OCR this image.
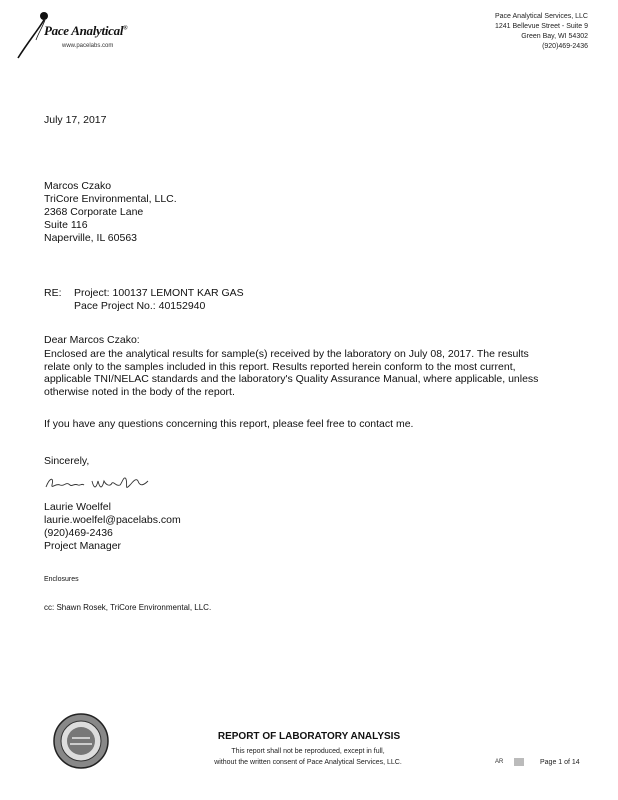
Pace Analytical®
www.pacelabs.com
Pace Analytical Services, LLC
1241 Bellevue Street - Suite 9
Green Bay, WI 54302
(920)469-2436
July 17, 2017
Marcos Czako
TriCore Environmental, LLC.
2368 Corporate Lane
Suite 116
Naperville, IL 60563
RE: Project: 100137 LEMONT KAR GAS
Pace Project No.: 40152940
Dear Marcos Czako:
Enclosed are the analytical results for sample(s) received by the laboratory on July 08, 2017. The results relate only to the samples included in this report. Results reported herein conform to the most current, applicable TNI/NELAC standards and the laboratory's Quality Assurance Manual, where applicable, unless otherwise noted in the body of the report.
If you have any questions concerning this report, please feel free to contact me.
Sincerely,
Laurie Woelfel
laurie.woelfel@pacelabs.com
(920)469-2436
Project Manager
Enclosures
cc: Shawn Rosek, TriCore Environmental, LLC.
REPORT OF LABORATORY ANALYSIS
This report shall not be reproduced, except in full,
without the written consent of Pace Analytical Services, LLC.	AR	Page 1 of 14
